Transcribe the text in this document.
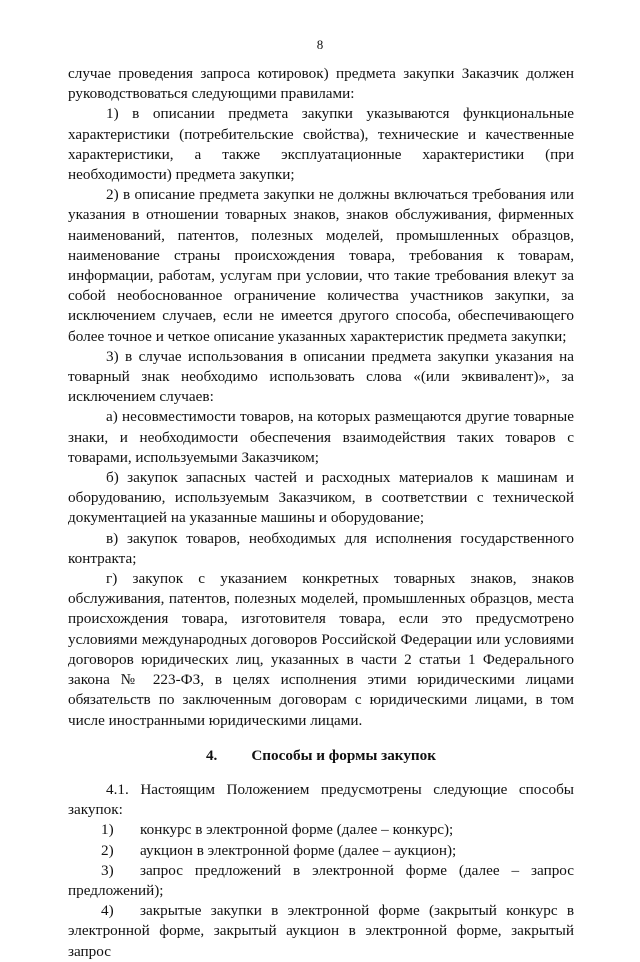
8

случае проведения запроса котировок) предмета закупки Заказчик должен руководствоваться следующими правилами:

1) в описании предмета закупки указываются функциональные характеристики (потребительские свойства), технические и качественные характеристики, а также эксплуатационные характеристики (при необходимости) предмета закупки;

2) в описание предмета закупки не должны включаться требования или указания в отношении товарных знаков, знаков обслуживания, фирменных наименований, патентов, полезных моделей, промышленных образцов, наименование страны происхождения товара, требования к товарам, информации, работам, услугам при условии, что такие требования влекут за собой необоснованное ограничение количества участников закупки, за исключением случаев, если не имеется другого способа, обеспечивающего более точное и четкое описание указанных характеристик предмета закупки;

3) в случае использования в описании предмета закупки указания на товарный знак необходимо использовать слова «(или эквивалент)», за исключением случаев:

а) несовместимости товаров, на которых размещаются другие товарные знаки, и необходимости обеспечения взаимодействия таких товаров с товарами, используемыми Заказчиком;

б) закупок запасных частей и расходных материалов к машинам и оборудованию, используемым Заказчиком, в соответствии с технической документацией на указанные машины и оборудование;

в) закупок товаров, необходимых для исполнения государственного контракта;

г) закупок с указанием конкретных товарных знаков, знаков обслуживания, патентов, полезных моделей, промышленных образцов, места происхождения товара, изготовителя товара, если это предусмотрено условиями международных договоров Российской Федерации или условиями договоров юридических лиц, указанных в части 2 статьи 1 Федерального закона № 223-ФЗ, в целях исполнения этими юридическими лицами обязательств по заключенным договорам с юридическими лицами, в том числе иностранными юридическими лицами.

4. Способы и формы закупок

4.1. Настоящим Положением предусмотрены следующие способы закупок:

1)	конкурс в электронной форме (далее – конкурс);
2)	аукцион в электронной форме (далее – аукцион);
3)	запрос предложений в электронной форме (далее – запрос

предложений);

4)	закрытые закупки в электронной форме (закрытый конкурс в

электронной форме, закрытый аукцион в электронной форме, закрытый запрос
